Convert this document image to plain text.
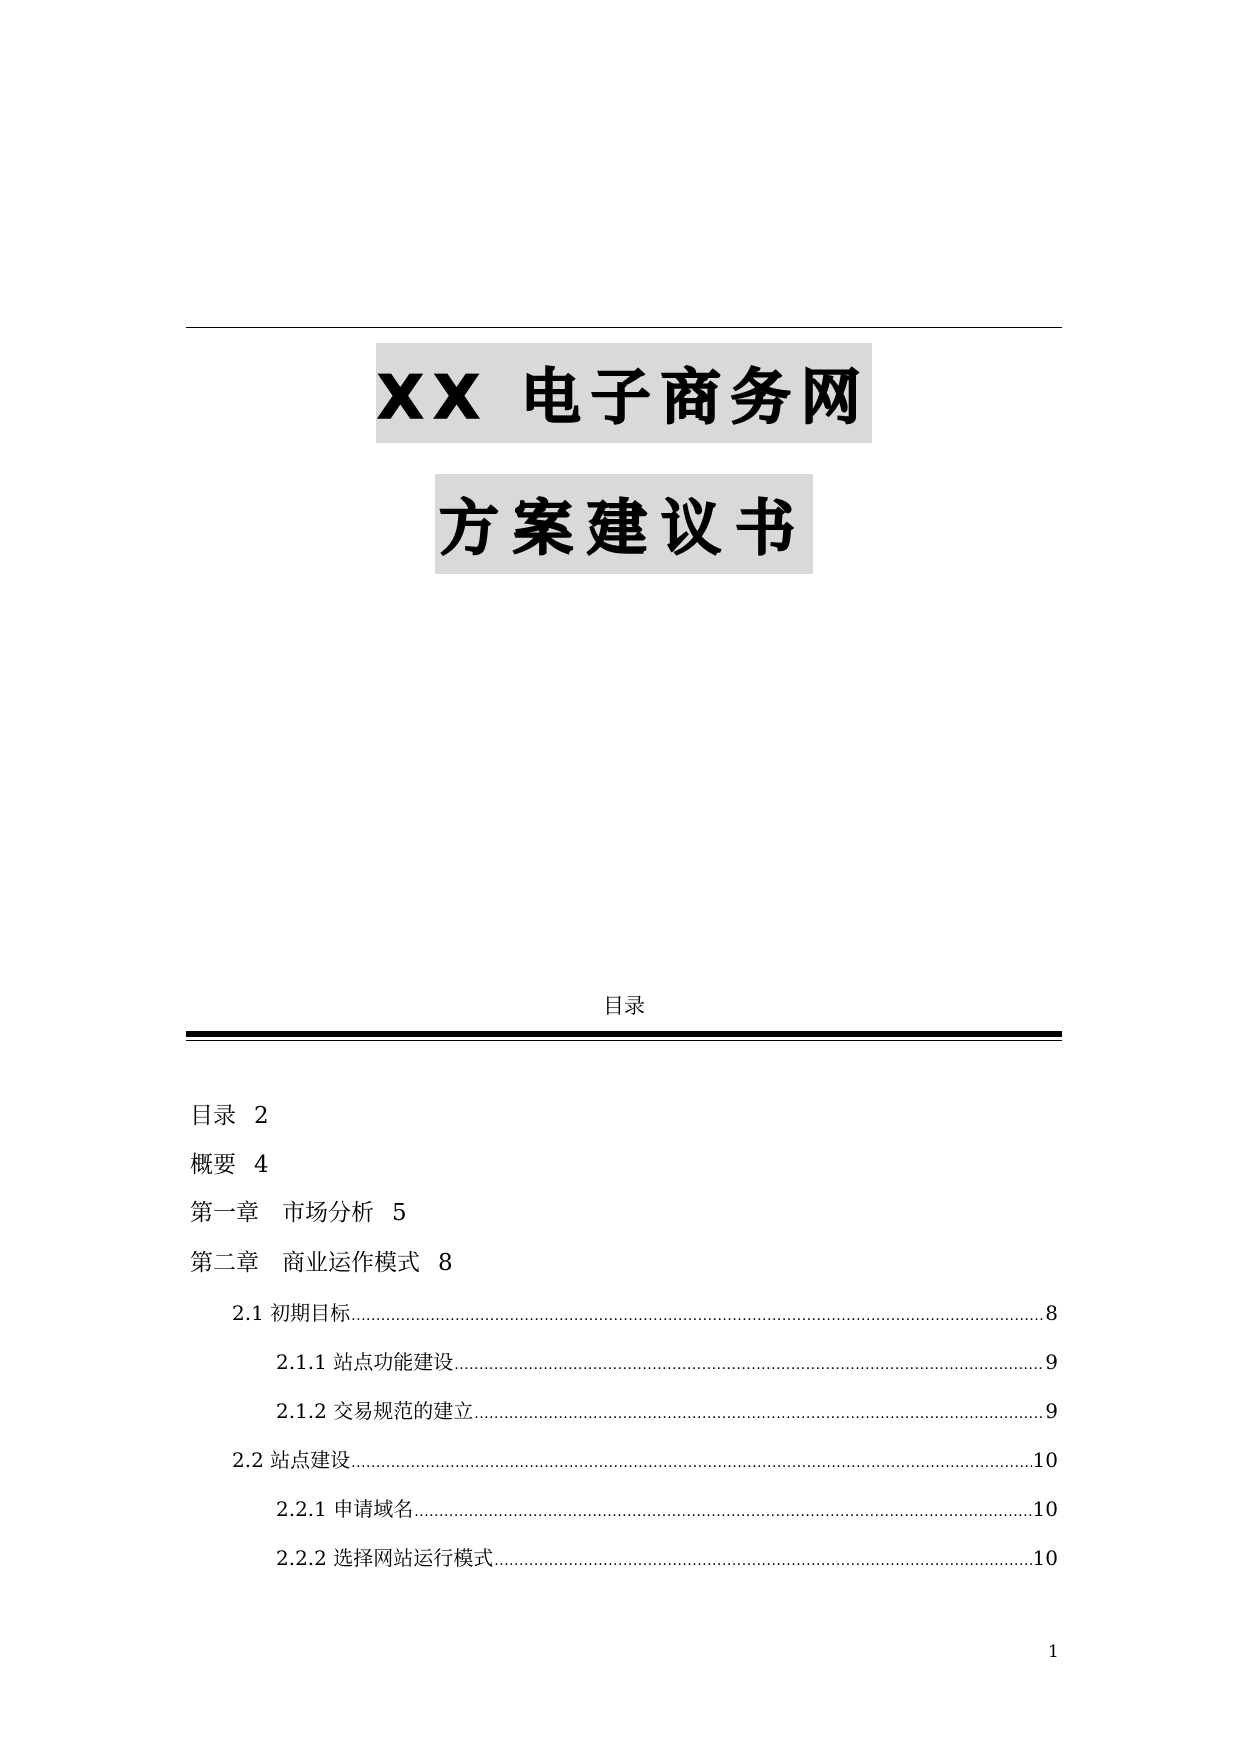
XX 电子商务网
方案建议书
目录
目录 2
概要 4
第一章　市场分析 5
第二章　商业运作模式 8
2.1 初期目标 .....	8
2.1.1 站点功能建设 .....	9
2.1.2 交易规范的建立 .....	9
2.2 站点建设 .....	10
2.2.1 申请域名 .....	10
2.2.2 选择网站运行模式 .....	10
1
